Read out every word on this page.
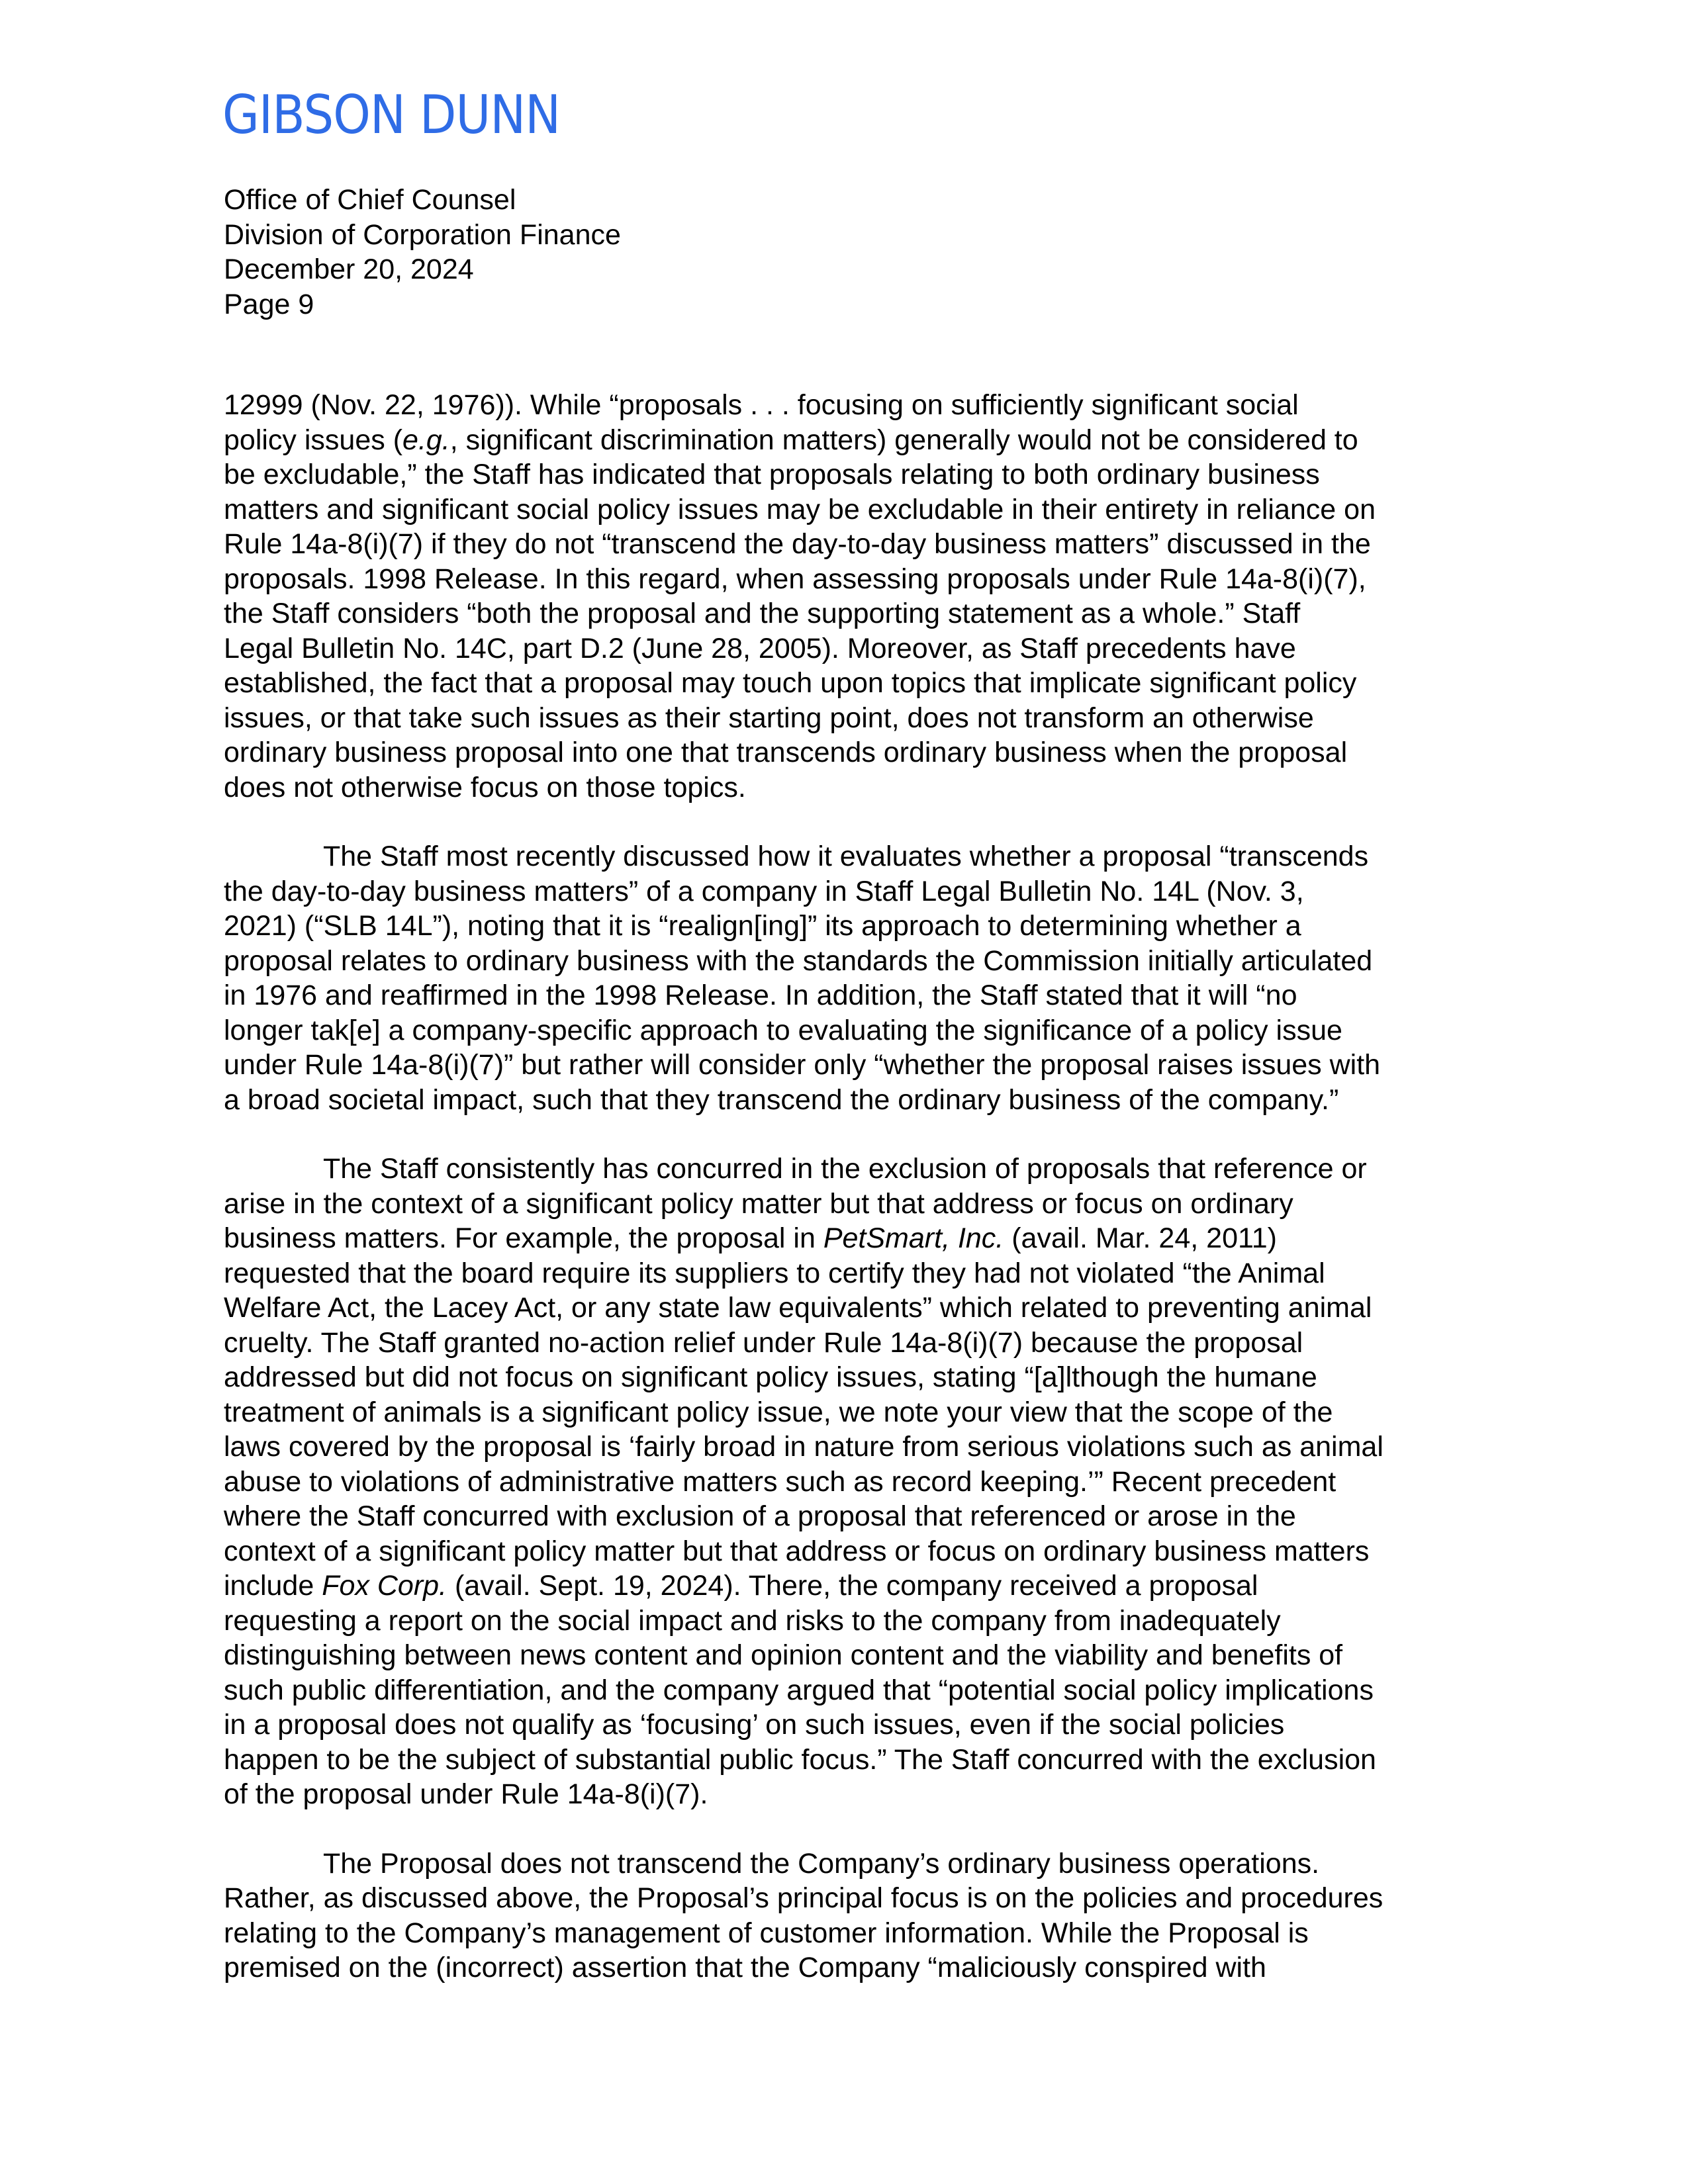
GIBSON DUNN
Office of Chief Counsel
Division of Corporation Finance
December 20, 2024
Page 9
12999 (Nov. 22, 1976)). While “proposals . . . focusing on sufficiently significant social
policy issues (e.g., significant discrimination matters) generally would not be considered to
be excludable,” the Staff has indicated that proposals relating to both ordinary business
matters and significant social policy issues may be excludable in their entirety in reliance on
Rule 14a-8(i)(7) if they do not “transcend the day-to-day business matters” discussed in the
proposals. 1998 Release. In this regard, when assessing proposals under Rule 14a-8(i)(7),
the Staff considers “both the proposal and the supporting statement as a whole.” Staff
Legal Bulletin No. 14C, part D.2 (June 28, 2005). Moreover, as Staff precedents have
established, the fact that a proposal may touch upon topics that implicate significant policy
issues, or that take such issues as their starting point, does not transform an otherwise
ordinary business proposal into one that transcends ordinary business when the proposal
does not otherwise focus on those topics.
The Staff most recently discussed how it evaluates whether a proposal “transcends
the day-to-day business matters” of a company in Staff Legal Bulletin No. 14L (Nov. 3,
2021) (“SLB 14L”), noting that it is “realign[ing]” its approach to determining whether a
proposal relates to ordinary business with the standards the Commission initially articulated
in 1976 and reaffirmed in the 1998 Release. In addition, the Staff stated that it will “no
longer tak[e] a company-specific approach to evaluating the significance of a policy issue
under Rule 14a-8(i)(7)” but rather will consider only “whether the proposal raises issues with
a broad societal impact, such that they transcend the ordinary business of the company.”
The Staff consistently has concurred in the exclusion of proposals that reference or
arise in the context of a significant policy matter but that address or focus on ordinary
business matters. For example, the proposal in PetSmart, Inc. (avail. Mar. 24, 2011)
requested that the board require its suppliers to certify they had not violated “the Animal
Welfare Act, the Lacey Act, or any state law equivalents” which related to preventing animal
cruelty. The Staff granted no-action relief under Rule 14a-8(i)(7) because the proposal
addressed but did not focus on significant policy issues, stating “[a]lthough the humane
treatment of animals is a significant policy issue, we note your view that the scope of the
laws covered by the proposal is ‘fairly broad in nature from serious violations such as animal
abuse to violations of administrative matters such as record keeping.’” Recent precedent
where the Staff concurred with exclusion of a proposal that referenced or arose in the
context of a significant policy matter but that address or focus on ordinary business matters
include Fox Corp. (avail. Sept. 19, 2024). There, the company received a proposal
requesting a report on the social impact and risks to the company from inadequately
distinguishing between news content and opinion content and the viability and benefits of
such public differentiation, and the company argued that “potential social policy implications
in a proposal does not qualify as ‘focusing’ on such issues, even if the social policies
happen to be the subject of substantial public focus.” The Staff concurred with the exclusion
of the proposal under Rule 14a-8(i)(7).
The Proposal does not transcend the Company’s ordinary business operations.
Rather, as discussed above, the Proposal’s principal focus is on the policies and procedures
relating to the Company’s management of customer information. While the Proposal is
premised on the (incorrect) assertion that the Company “maliciously conspired with
